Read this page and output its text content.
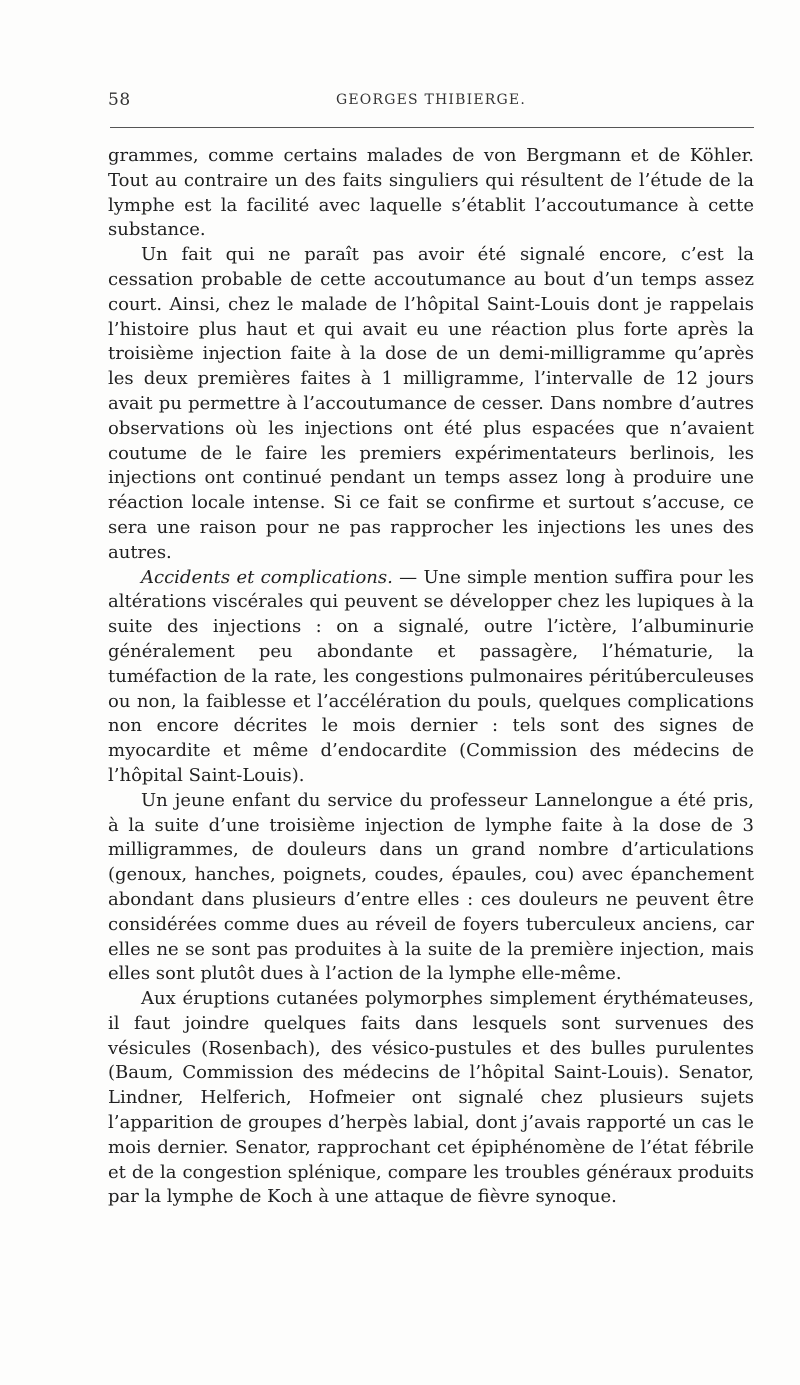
58	GEORGES THIBIERGE.

grammes, comme certains malades de von Bergmann et de Köhler. Tout au contraire un des faits singuliers qui résultent de l’étude de la lymphe est la facilité avec laquelle s’établit l’accoutumance à cette substance.

Un fait qui ne paraît pas avoir été signalé encore, c’est la cessation probable de cette accoutumance au bout d’un temps assez court. Ainsi, chez le malade de l’hôpital Saint-Louis dont je rappelais l’histoire plus haut et qui avait eu une réaction plus forte après la troisième injection faite à la dose de un demi-milligramme qu’après les deux premières faites à 1 milligramme, l’intervalle de 12 jours avait pu permettre à l’accoutumance de cesser. Dans nombre d’autres observations où les injections ont été plus espacées que n’avaient coutume de le faire les premiers expérimentateurs berlinois, les injections ont continué pendant un temps assez long à produire une réaction locale intense. Si ce fait se confirme et surtout s’accuse, ce sera une raison pour ne pas rapprocher les injections les unes des autres.

Accidents et complications. — Une simple mention suffira pour les altérations viscérales qui peuvent se développer chez les lupiques à la suite des injections : on a signalé, outre l’ictère, l’albuminurie généralement peu abondante et passagère, l’hématurie, la tuméfaction de la rate, les congestions pulmonaires péritúberculeuses ou non, la faiblesse et l’accélération du pouls, quelques complications non encore décrites le mois dernier : tels sont des signes de myocardite et même d’endocardite (Commission des médecins de l’hôpital Saint-Louis).

Un jeune enfant du service du professeur Lannelongue a été pris, à la suite d’une troisième injection de lymphe faite à la dose de 3 milligrammes, de douleurs dans un grand nombre d’articulations (genoux, hanches, poignets, coudes, épaules, cou) avec épanchement abondant dans plusieurs d’entre elles : ces douleurs ne peuvent être considérées comme dues au réveil de foyers tuberculeux anciens, car elles ne se sont pas produites à la suite de la première injection, mais elles sont plutôt dues à l’action de la lymphe elle-même.

Aux éruptions cutanées polymorphes simplement érythémateuses, il faut joindre quelques faits dans lesquels sont survenues des vésicules (Rosenbach), des vésico-pustules et des bulles purulentes (Baum, Commission des médecins de l’hôpital Saint-Louis). Senator, Lindner, Helferich, Hofmeier ont signalé chez plusieurs sujets l’apparition de groupes d’herpès labial, dont j’avais rapporté un cas le mois dernier. Senator, rapprochant cet épiphénomène de l’état fébrile et de la congestion splénique, compare les troubles généraux produits par la lymphe de Koch à une attaque de fièvre synoque.
